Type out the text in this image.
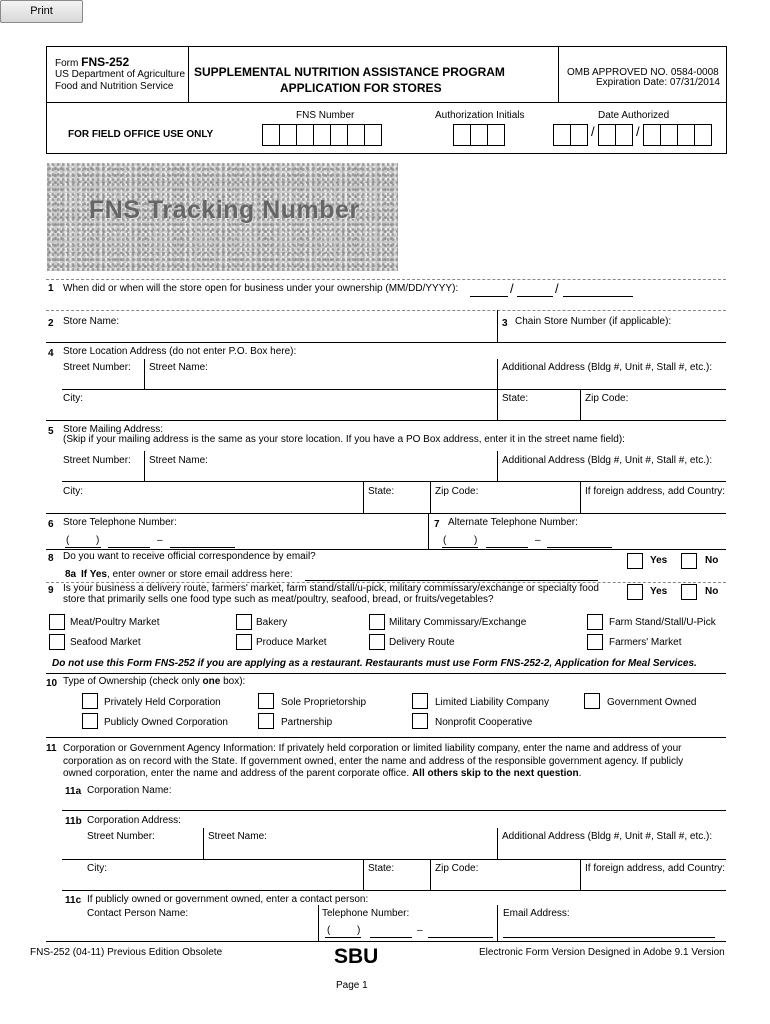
Print
Form FNS-252
US Department of Agriculture
Food and Nutrition Service
SUPPLEMENTAL NUTRITION ASSISTANCE PROGRAM
APPLICATION FOR STORES
OMB APPROVED NO. 0584-0008
Expiration Date: 07/31/2014
FNS Number	Authorization Initials	Date Authorized
FOR FIELD OFFICE USE ONLY	/	/
FNS Tracking Number
1 When did or when will the store open for business under your ownership (MM/DD/YYYY):	/	/
2 Store Name:	3 Chain Store Number (if applicable):
4 Store Location Address (do not enter P.O. Box here):
Street Number: Street Name:	Additional Address (Bldg #, Unit #, Stall #, etc.):
City:	State:	Zip Code:
5 Store Mailing Address:
(Skip if your mailing address is the same as your store location. If you have a PO Box address, enter it in the street name field):
Street Number: Street Name:	Additional Address (Bldg #, Unit #, Stall #, etc.):
City:	State:	Zip Code:	If foreign address, add Country:
6 Store Telephone Number:	7 Alternate Telephone Number:
(	)	–	(	)	–
8 Do you want to receive official correspondence by email?	Yes	No
8a If Yes, enter owner or store email address here:
9 Is your business a delivery route, farmers' market, farm stand/stall/u-pick, military commissary/exchange or specialty food
store that primarily sells one food type such as meat/poultry, seafood, bread, or fruits/vegetables?
Yes	No
Meat/Poultry Market	Bakery	Military Commissary/Exchange	Farm Stand/Stall/U-Pick
Seafood Market	Produce Market	Delivery Route	Farmers' Market
Do not use this Form FNS-252 if you are applying as a restaurant. Restaurants must use Form FNS-252-2, Application for Meal Services.
10 Type of Ownership (check only one box):
Privately Held Corporation	Sole Proprietorship	Limited Liability Company	Government Owned
Publicly Owned Corporation	Partnership	Nonprofit Cooperative
11 Corporation or Government Agency Information: If privately held corporation or limited liability company, enter the name and address of your
corporation as on record with the State. If government owned, enter the name and address of the responsible government agency. If publicly
owned corporation, enter the name and address of the parent corporate office. All others skip to the next question.
11a Corporation Name:
11b Corporation Address:
Street Number:	Street Name:	Additional Address (Bldg #, Unit #, Stall #, etc.):
City:	State:	Zip Code:	If foreign address, add Country:
11c If publicly owned or government owned, enter a contact person:
Contact Person Name:	Telephone Number:	Email Address:
(	)	–
FNS-252 (04-11) Previous Edition Obsolete	SBU	Electronic Form Version Designed in Adobe 9.1 Version
Page 1
